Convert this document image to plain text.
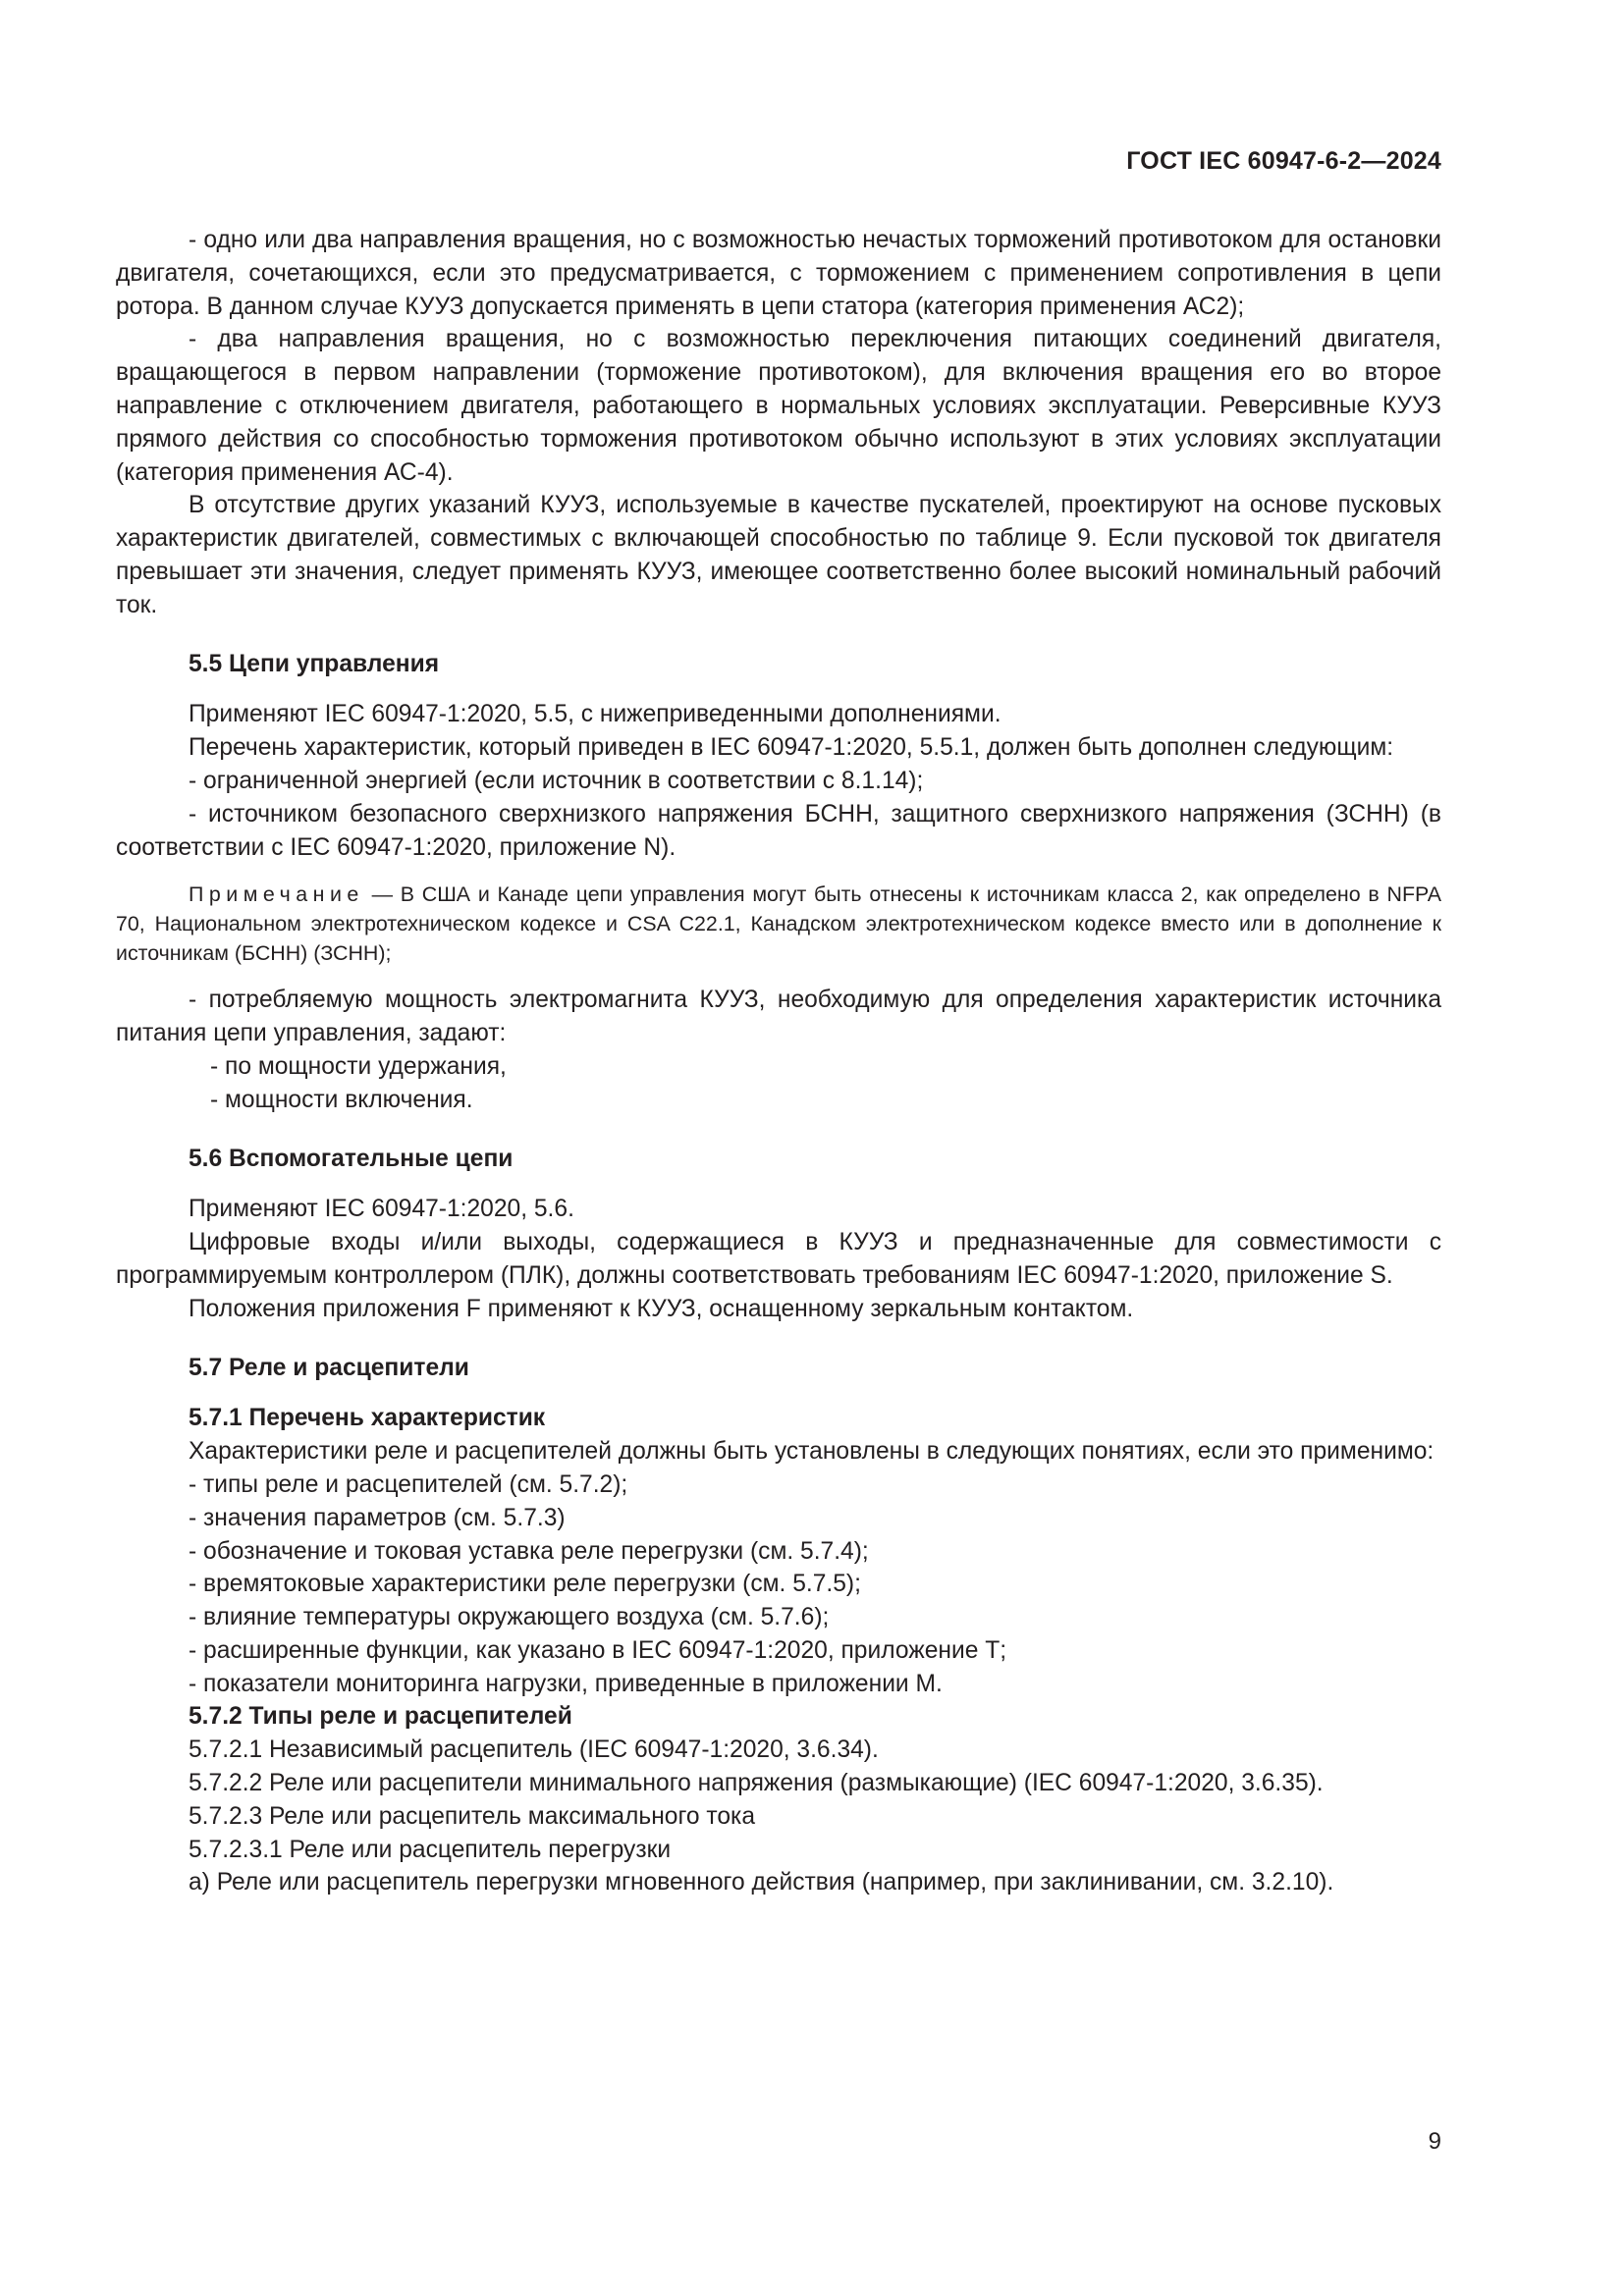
ГОСТ IEC 60947-6-2—2024

- одно или два направления вращения, но с возможностью нечастых торможений противотоком для остановки двигателя, сочетающихся, если это предусматривается, с торможением с применением сопротивления в цепи ротора. В данном случае КУУЗ допускается применять в цепи статора (категория применения АС2);

- два направления вращения, но с возможностью переключения питающих соединений двигателя, вращающегося в первом направлении (торможение противотоком), для включения вращения его во второе направление с отключением двигателя, работающего в нормальных условиях эксплуатации. Реверсивные КУУЗ прямого действия со способностью торможения противотоком обычно используют в этих условиях эксплуатации (категория применения АС-4).

В отсутствие других указаний КУУЗ, используемые в качестве пускателей, проектируют на основе пусковых характеристик двигателей, совместимых с включающей способностью по таблице 9. Если пусковой ток двигателя превышает эти значения, следует применять КУУЗ, имеющее соответственно более высокий номинальный рабочий ток.

5.5 Цепи управления

Применяют IEC 60947-1:2020, 5.5, с нижеприведенными дополнениями.

Перечень характеристик, который приведен в IEC 60947-1:2020, 5.5.1, должен быть дополнен следующим:

- ограниченной энергией (если источник в соответствии с 8.1.14);

- источником безопасного сверхнизкого напряжения БСНН, защитного сверхнизкого напряжения (ЗСНН) (в соответствии с IEC 60947-1:2020, приложение N).

Примечание — В США и Канаде цепи управления могут быть отнесены к источникам класса 2, как определено в NFPA 70, Национальном электротехническом кодексе и CSA C22.1, Канадском электротехническом кодексе вместо или в дополнение к источникам (БСНН) (ЗСНН);

- потребляемую мощность электромагнита КУУЗ, необходимую для определения характеристик источника питания цепи управления, задают:

- по мощности удержания,

- мощности включения.

5.6 Вспомогательные цепи

Применяют IEC 60947-1:2020, 5.6.

Цифровые входы и/или выходы, содержащиеся в КУУЗ и предназначенные для совместимости с программируемым контроллером (ПЛК), должны соответствовать требованиям IEC 60947-1:2020, приложение S.

Положения приложения F применяют к КУУЗ, оснащенному зеркальным контактом.

5.7 Реле и расцепители

5.7.1 Перечень характеристик

Характеристики реле и расцепителей должны быть установлены в следующих понятиях, если это применимо:

- типы реле и расцепителей (см. 5.7.2);

- значения параметров (см. 5.7.3)

- обозначение и токовая уставка реле перегрузки (см. 5.7.4);

- времятоковые характеристики реле перегрузки (см. 5.7.5);

- влияние температуры окружающего воздуха (см. 5.7.6);

- расширенные функции, как указано в IEC 60947-1:2020, приложение Т;

- показатели мониторинга нагрузки, приведенные в приложении М.

5.7.2 Типы реле и расцепителей

5.7.2.1 Независимый расцепитель (IEC 60947-1:2020, 3.6.34).

5.7.2.2 Реле или расцепители минимального напряжения (размыкающие) (IEC 60947-1:2020, 3.6.35).

5.7.2.3 Реле или расцепитель максимального тока

5.7.2.3.1 Реле или расцепитель перегрузки

a) Реле или расцепитель перегрузки мгновенного действия (например, при заклинивании, см. 3.2.10).

9
